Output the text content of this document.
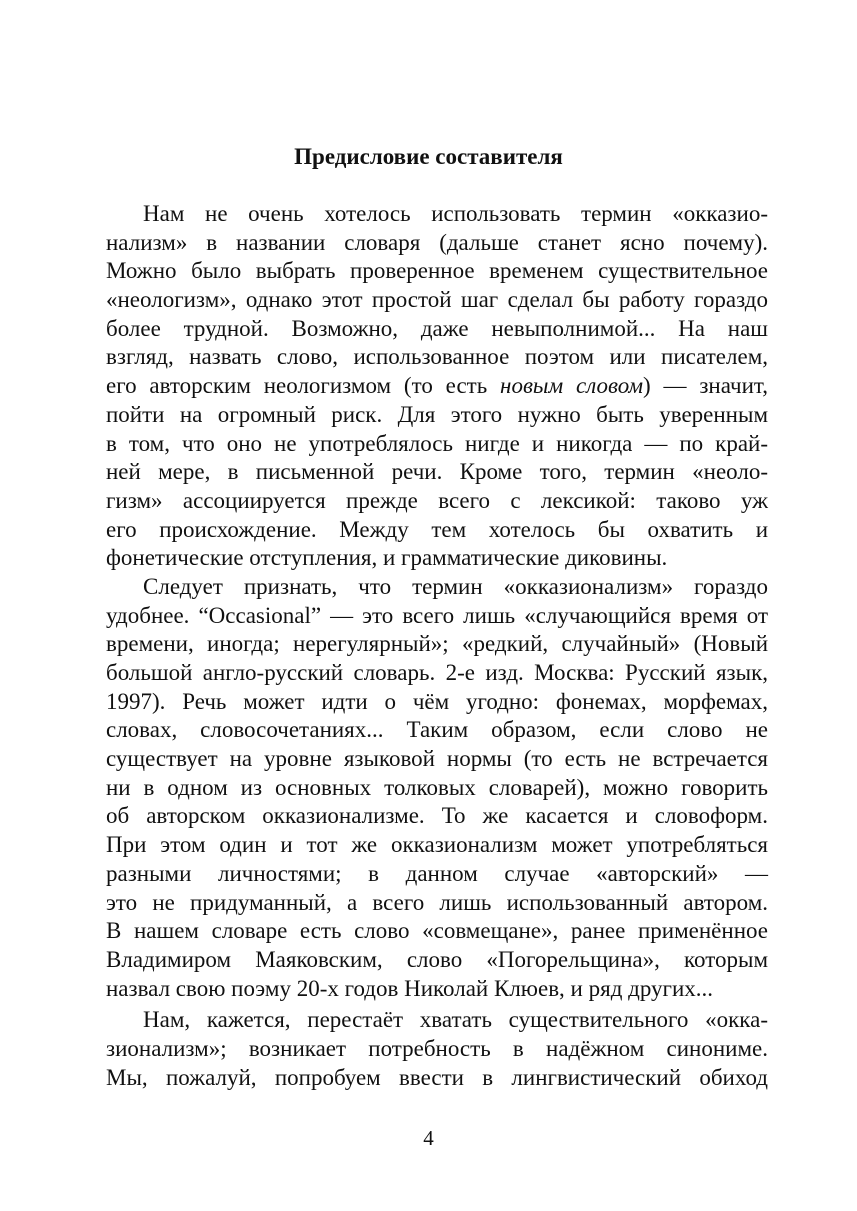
Предисловие составителя
Нам не очень хотелось использовать термин «окказио-
нализм» в названии словаря (дальше станет ясно почему).
Можно было выбрать проверенное временем существительное
«неологизм», однако этот простой шаг сделал бы работу гораздо
более трудной. Возможно, даже невыполнимой... На наш
взгляд, назвать слово, использованное поэтом или писателем,
его авторским неологизмом (то есть новым словом) — значит,
пойти на огромный риск. Для этого нужно быть уверенным
в том, что оно не употреблялось нигде и никогда — по край-
ней мере, в письменной речи. Кроме того, термин «неоло-
гизм» ассоциируется прежде всего с лексикой: таково уж
его происхождение. Между тем хотелось бы охватить и
фонетические отступления, и грамматические диковины.
Следует признать, что термин «окказионализм» гораздо
удобнее. “Occasional” — это всего лишь «случающийся время от
времени, иногда; нерегулярный»; «редкий, случайный» (Новый
большой англо-русский словарь. 2-е изд. Москва: Русский язык,
1997). Речь может идти о чём угодно: фонемах, морфемах,
словах, словосочетаниях... Таким образом, если слово не
существует на уровне языковой нормы (то есть не встречается
ни в одном из основных толковых словарей), можно говорить
об авторском окказионализме. То же касается и словоформ.
При этом один и тот же окказионализм может употребляться
разными личностями; в данном случае «авторский» —
это не придуманный, а всего лишь использованный автором.
В нашем словаре есть слово «совмещане», ранее применённое
Владимиром Маяковским, слово «Погорельщина», которым
назвал свою поэму 20-х годов Николай Клюев, и ряд других...
Нам, кажется, перестаёт хватать существительного «окка-
зионализм»; возникает потребность в надёжном синониме.
Мы, пожалуй, попробуем ввести в лингвистический обиход
4
